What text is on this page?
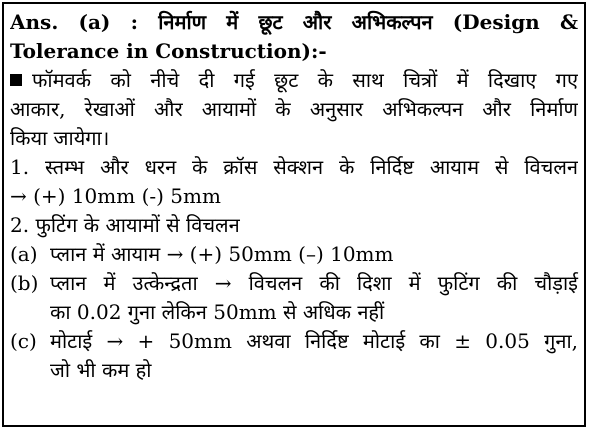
Ans. (a) : निर्माण में छूट और अभिकल्पन (Design &
Tolerance in Construction):-
फॉमवर्क को नीचे दी गई छूट के साथ चित्रों में दिखाए गए
आकार, रेखाओं और आयामों के अनुसार अभिकल्पन और निर्माण
किया जायेगा।
1. स्तम्भ और धरन के क्रॉस सेक्शन के निर्दिष्ट आयाम से विचलन
→ (+) 10mm (-) 5mm
2. फुटिंग के आयामों से विचलन
(a) प्लान में आयाम → (+) 50mm (–) 10mm
(b) प्लान में उत्केन्द्रता → विचलन की दिशा में फुटिंग की चौड़ाई
का 0.02 गुना लेकिन 50mm से अधिक नहीं
(c) मोटाई → + 50mm अथवा निर्दिष्ट मोटाई का ± 0.05 गुना,
जो भी कम हो
